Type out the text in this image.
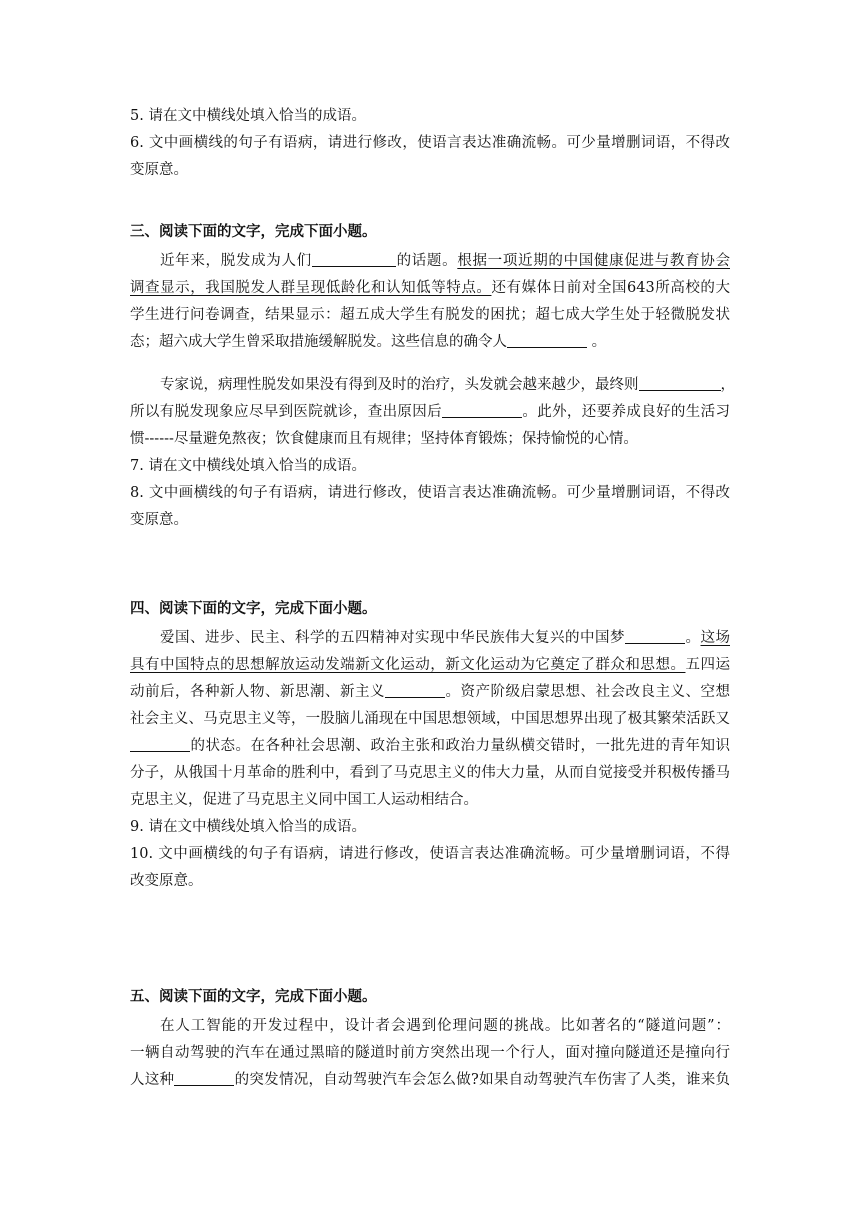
5. 请在文中横线处填入恰当的成语。
6. 文中画横线的句子有语病，请进行修改，使语言表达准确流畅。可少量增删词语，不得改
变原意。
三、阅读下面的文字，完成下面小题。
近年来，脱发成为人们	的话题。根据一项近期的中国健康促进与教育协会
调查显示，我国脱发人群呈现低龄化和认知低等特点。还有媒体日前对全国643所高校的大
学生进行问卷调查，结果显示：超五成大学生有脱发的困扰；超七成大学生处于轻微脱发状
态；超六成大学生曾采取措施缓解脱发。这些信息的确令人	。
专家说，病理性脱发如果没有得到及时的治疗，头发就会越来越少，最终则	，
所以有脱发现象应尽早到医院就诊，查出原因后	。此外，还要养成良好的生活习
惯------尽量避免熬夜；饮食健康而且有规律；坚持体育锻炼；保持愉悦的心情。
7. 请在文中横线处填入恰当的成语。
8. 文中画横线的句子有语病，请进行修改，使语言表达准确流畅。可少量增删词语，不得改
变原意。
四、阅读下面的文字，完成下面小题。
爱国、进步、民主、科学的五四精神对实现中华民族伟大复兴的中国梦	。这场
具有中国特点的思想解放运动发端新文化运动，新文化运动为它奠定了群众和思想。五四运
动前后，各种新人物、新思潮、新主义	。资产阶级启蒙思想、社会改良主义、空想
社会主义、马克思主义等，一股脑儿涌现在中国思想领域，中国思想界出现了极其繁荣活跃又
的状态。在各种社会思潮、政治主张和政治力量纵横交错时，一批先进的青年知识
分子，从俄国十月革命的胜利中，看到了马克思主义的伟大力量，从而自觉接受并积极传播马
克思主义，促进了马克思主义同中国工人运动相结合。
9. 请在文中横线处填入恰当的成语。
10. 文中画横线的句子有语病，请进行修改，使语言表达准确流畅。可少量增删词语，不得
改变原意。
五、阅读下面的文字，完成下面小题。
在人工智能的开发过程中，设计者会遇到伦理问题的挑战。比如著名的“隧道问题”：
一辆自动驾驶的汽车在通过黑暗的隧道时前方突然出现一个行人，面对撞向隧道还是撞向行
人这种	的突发情况，自动驾驶汽车会怎么做?如果自动驾驶汽车伤害了人类，谁来负
